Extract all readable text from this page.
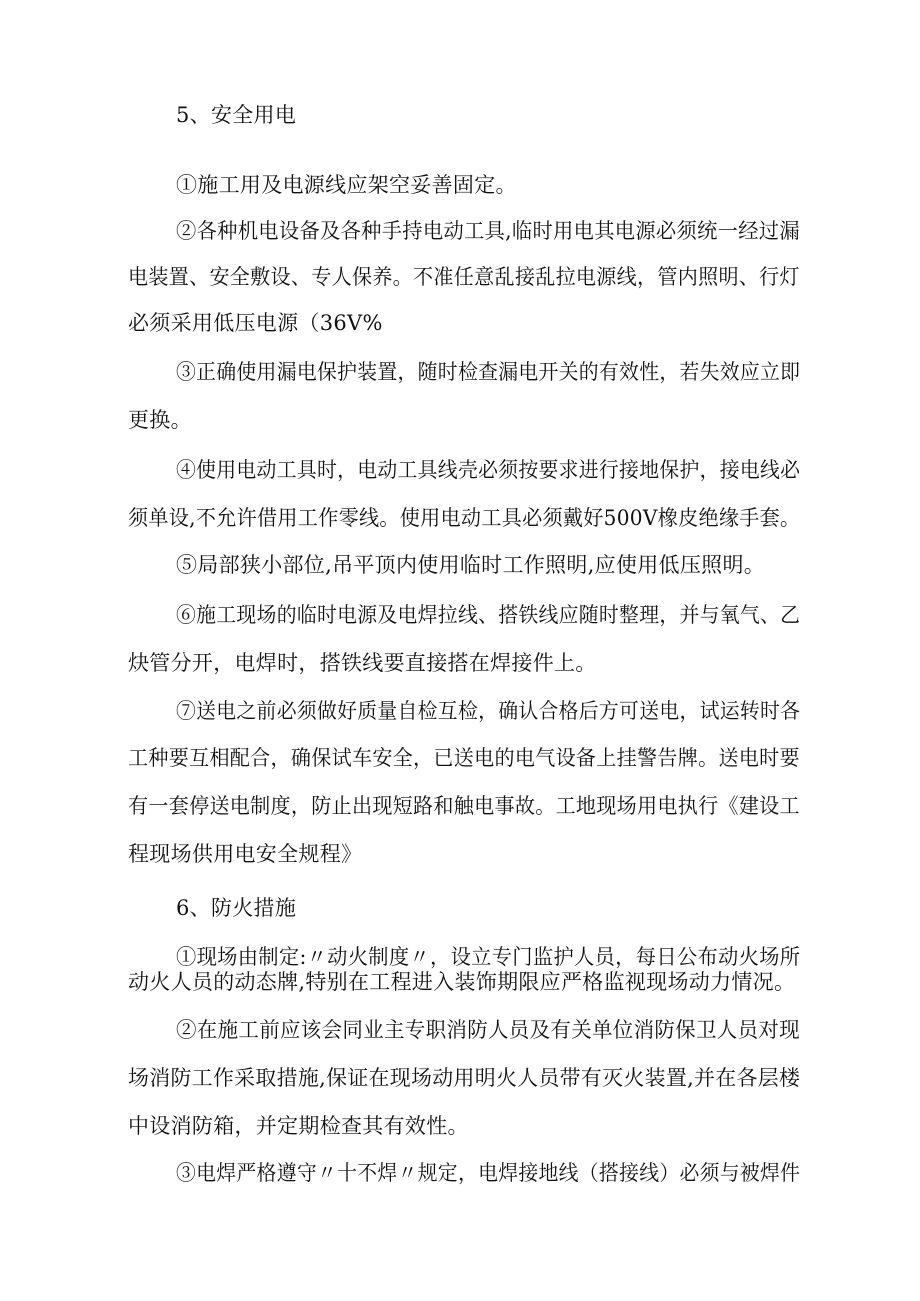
5、安全用电
①施工用及电源线应架空妥善固定。
②各种机电设备及各种手持电动工具,临时用电其电源必须统一经过漏
电装置、安全敷设、专人保养。不准任意乱接乱拉电源线，管内照明、行灯
必须采用低压电源（36V%
③正确使用漏电保护装置，随时检查漏电开关的有效性，若失效应立即
更换。
④使用电动工具时，电动工具线壳必须按要求进行接地保护，接电线必
须单设,不允许借用工作零线。使用电动工具必须戴好500V橡皮绝缘手套。
⑤局部狭小部位,吊平顶内使用临时工作照明,应使用低压照明。
⑥施工现场的临时电源及电焊拉线、搭铁线应随时整理，并与氧气、乙
炔管分开，电焊时，搭铁线要直接搭在焊接件上。
⑦送电之前必须做好质量自检互检，确认合格后方可送电，试运转时各
工种要互相配合，确保试车安全，已送电的电气设备上挂警告牌。送电时要
有一套停送电制度，防止出现短路和触电事故。工地现场用电执行《建设工
程现场供用电安全规程》
6、防火措施
①现场由制定:〃动火制度〃，设立专门监护人员，每日公布动火场所
动火人员的动态牌,特别在工程进入装饰期限应严格监视现场动力情况。
②在施工前应该会同业主专职消防人员及有关单位消防保卫人员对现
场消防工作采取措施,保证在现场动用明火人员带有灭火装置,并在各层楼
中设消防箱，并定期检查其有效性。
③电焊严格遵守〃十不焊〃规定，电焊接地线（搭接线）必须与被焊件
